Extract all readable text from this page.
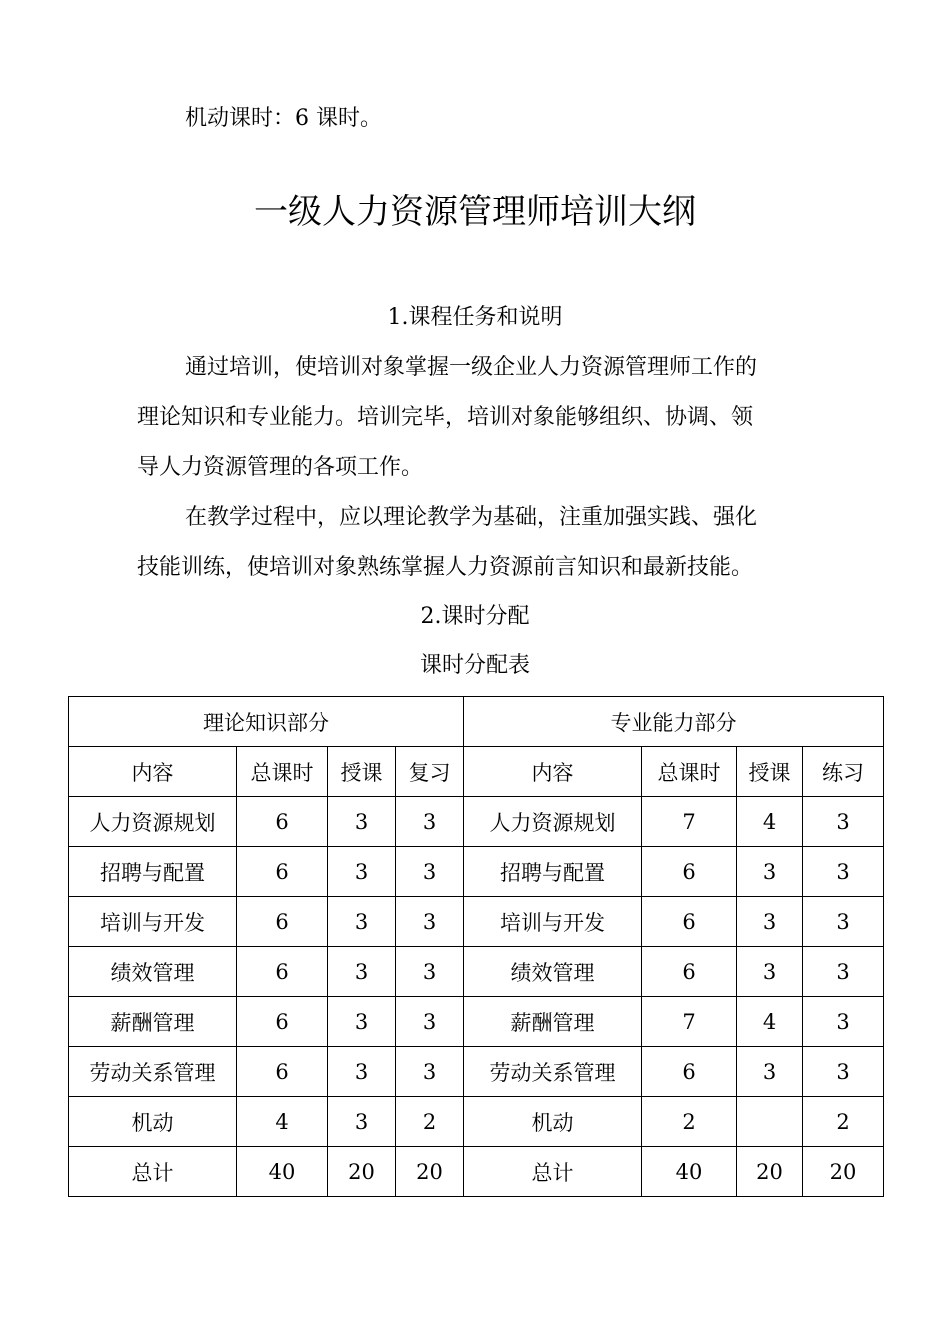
机动课时：6 课时。
一级人力资源管理师培训大纲
1.课程任务和说明
通过培训，使培训对象掌握一级企业人力资源管理师工作的
理论知识和专业能力。培训完毕，培训对象能够组织、协调、领
导人力资源管理的各项工作。
在教学过程中，应以理论教学为基础，注重加强实践、强化
技能训练，使培训对象熟练掌握人力资源前言知识和最新技能。
2.课时分配
课时分配表
理论知识部分				专业能力部分			
内容	总课时	授课	复习	内容	总课时	授课	练习
人力资源规划	6	3	3	人力资源规划	7	4	3
招聘与配置	6	3	3	招聘与配置	6	3	3
培训与开发	6	3	3	培训与开发	6	3	3
绩效管理	6	3	3	绩效管理	6	3	3
薪酬管理	6	3	3	薪酬管理	7	4	3
劳动关系管理	6	3	3	劳动关系管理	6	3	3
机动	4	3	2	机动	2		2
总计	40	20	20	总计	40	20	20
